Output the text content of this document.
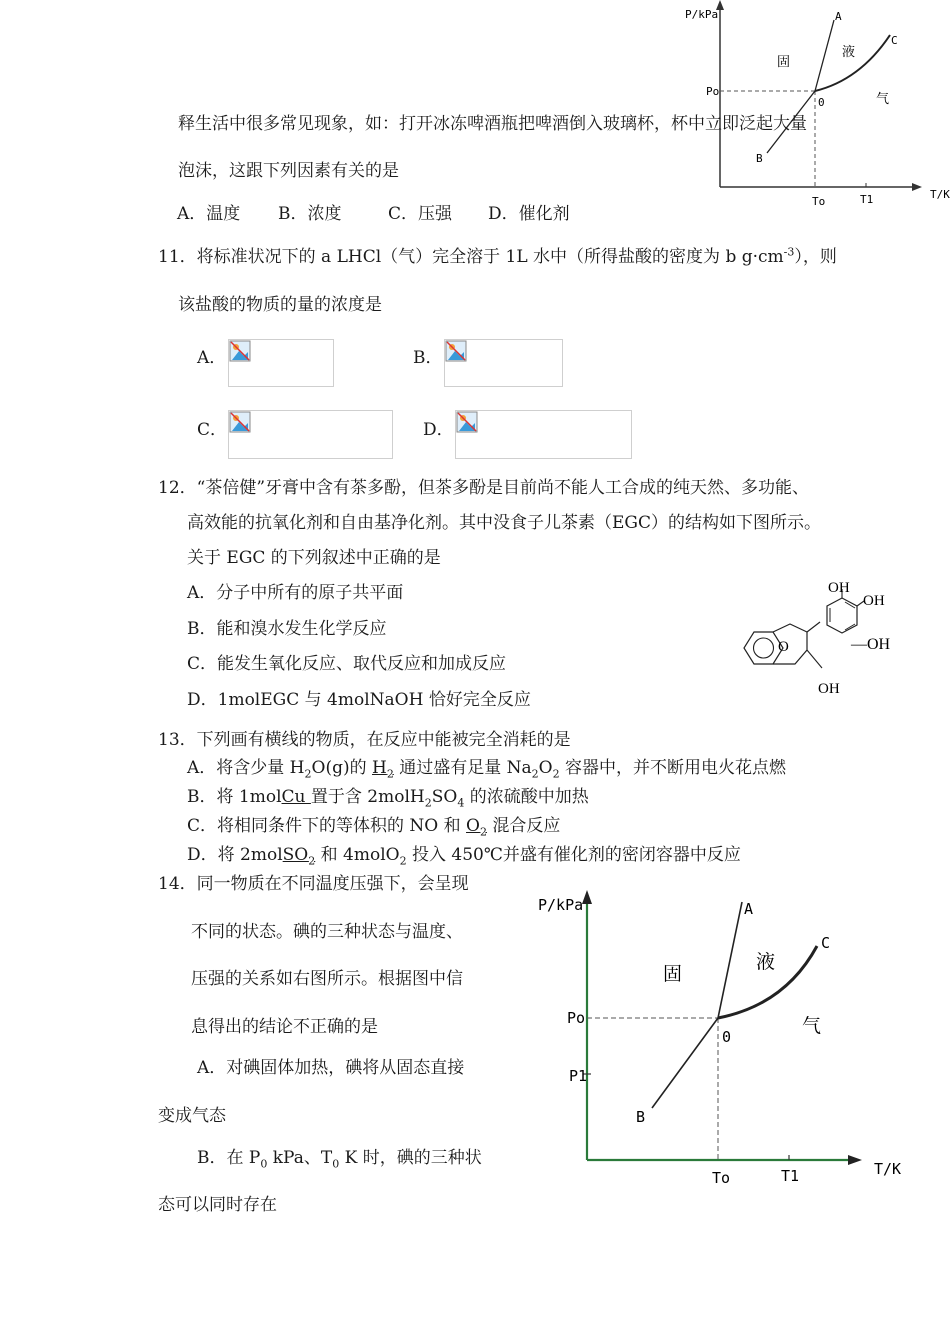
P/kPa
T/K
A
B
C
0
Po
To	T1
固
液
气
释生活中很多常见现象，如：打开冰冻啤酒瓶把啤酒倒入玻璃杯，杯中立即泛起大量
泡沫，这跟下列因素有关的是
A．温度 B．浓度	C．压强 D．催化剂
11．将标准状况下的 a LHCl（气）完全溶于 1L 水中（所得盐酸的密度为 b $g\cdot cm^{-3}$），则
该盐酸的物质的量的浓度是
A．	B．
C．	D．
12．“茶倍健”牙膏中含有茶多酚，但茶多酚是目前尚不能人工合成的纯天然、多功能、
高效能的抗氧化剂和自由基净化剂。其中没食子儿茶素（EGC）的结构如下图所示。
关于 EGC 的下列叙述中正确的是
A．分子中所有的原子共平面
B．能和溴水发生化学反应
C．能发生氧化反应、取代反应和加成反应
D．1molEGC 与 4molNaOH 恰好完全反应
OH
OH
—OH
OH
O
13．下列画有横线的物质，在反应中能被完全消耗的是
A．将含少量 $H_2O(g)$的 $H_2$ 通过盛有足量 $Na_2O_2$ 容器中，并不断用电火花点燃
B．将 1molCu 置于含 $2molH_2SO_4$ 的浓硫酸中加热
C．将相同条件下的等体积的 NO 和 $O_2$ 混合反应
D．将 2molSO$_2$ 和 4molO$_2$ 投入 450℃并盛有催化剂的密闭容器中反应
14．同一物质在不同温度压强下，会呈现
不同的状态。碘的三种状态与温度、
压强的关系如右图所示。根据图中信
息得出的结论不正确的是
A．对碘固体加热，碘将从固态直接
变成气态
B．在 $P_0$ kPa、$T_0$ K 时，碘的三种状
态可以同时存在
P/kPa
T/K
A
B
C
0
Po
P1
To	T1
固
液
气
